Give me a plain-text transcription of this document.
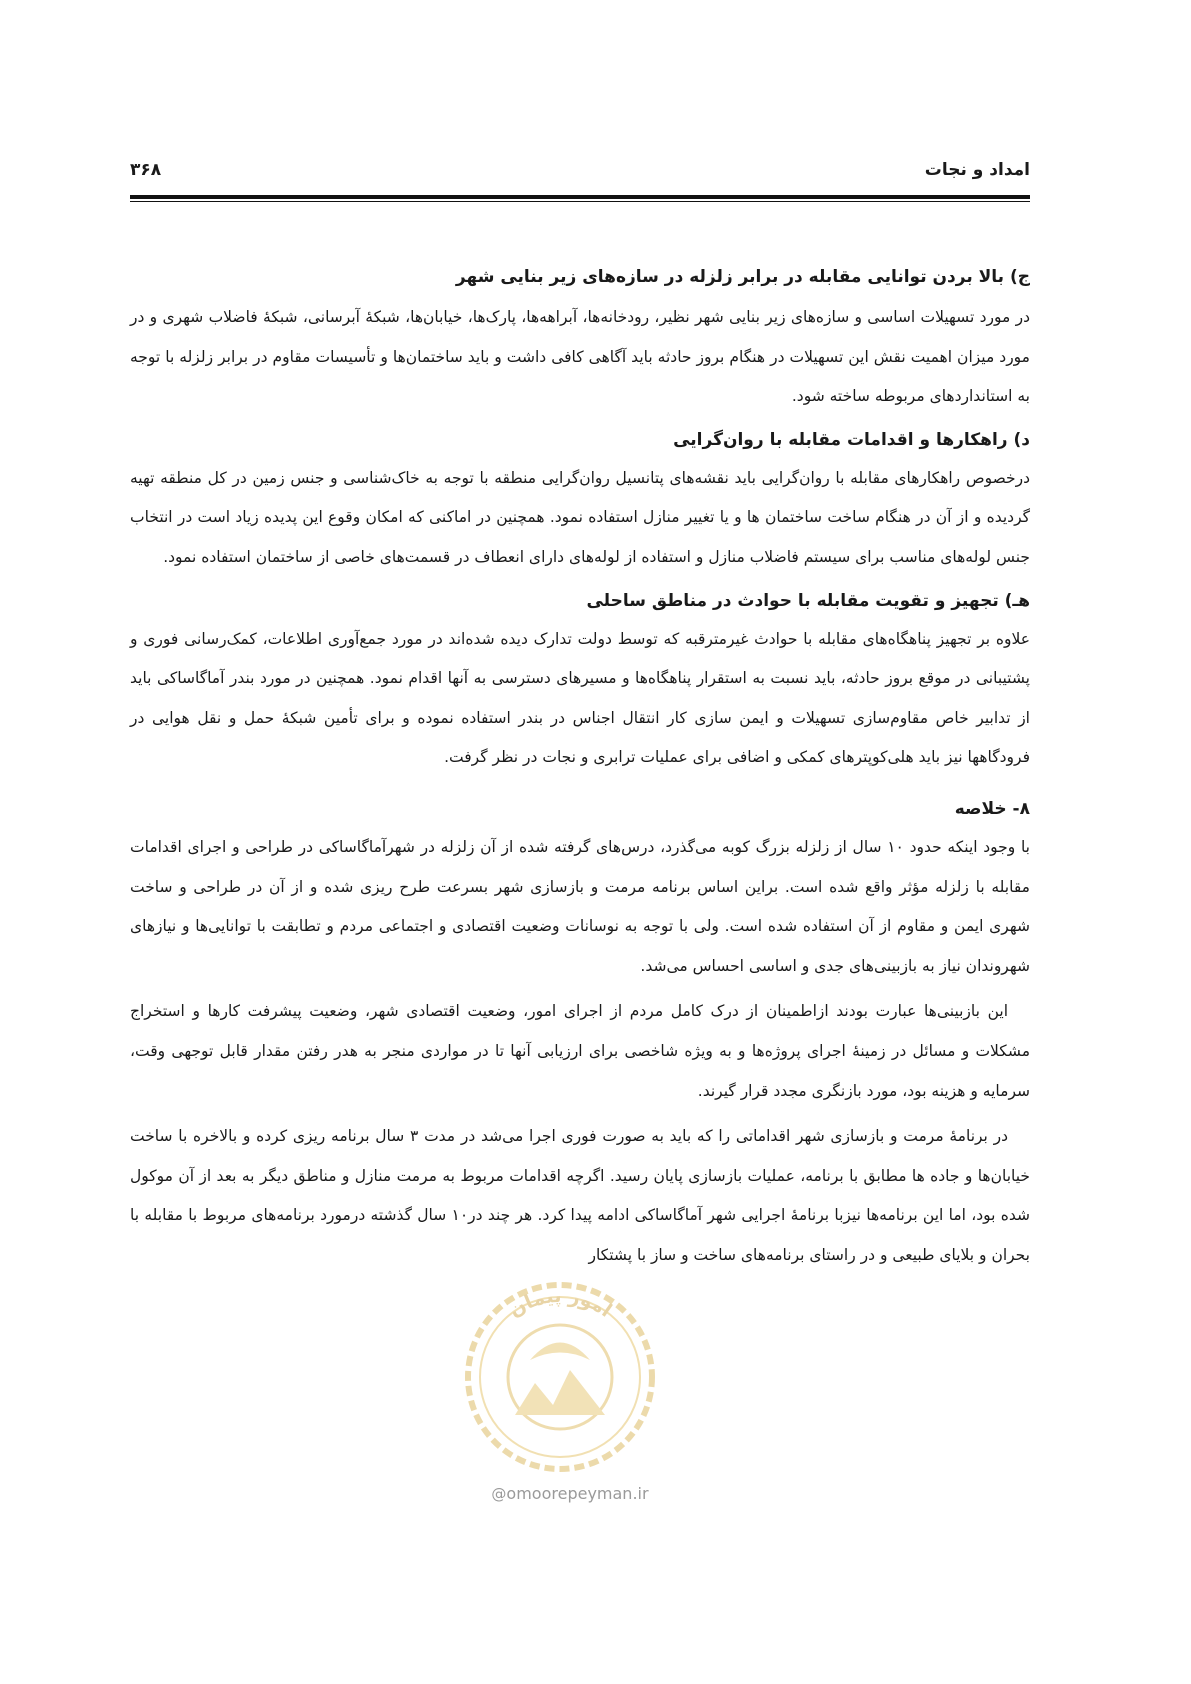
امداد و نجات
۳۶۸
ج) بالا بردن توانایی مقابله در برابر زلزله در سازه‌های زیر بنایی شهر

در مورد تسهیلات اساسی و سازه‌های زیر بنایی شهر نظیر، رودخانه‌ها، آبراهه‌ها، پارک‌ها، خیابان‌ها، شبکهٔ آبرسانی، شبکهٔ فاضلاب شهری و در مورد میزان اهمیت نقش این تسهیلات در هنگام بروز حادثه باید آگاهی کافی داشت و باید ساختمان‌ها و تأسیسات مقاوم در برابر زلزله با توجه به استانداردهای مربوطه ساخته شود.

د) راهکارها و اقدامات مقابله با روان‌گرایی

درخصوص راهکارهای مقابله با روان‌گرایی باید نقشه‌های پتانسیل روان‌گرایی منطقه با توجه به خاک‌شناسی و جنس زمین در کل منطقه تهیه گردیده و از آن در هنگام ساخت ساختمان ها و یا تغییر منازل استفاده نمود. همچنین در اماکنی که امکان وقوع این پدیده زیاد است در انتخاب جنس لوله‌های مناسب برای سیستم فاضلاب منازل و استفاده از لوله‌های دارای انعطاف در قسمت‌های خاصی از ساختمان استفاده نمود.

هـ) تجهیز و تقویت مقابله با حوادث در مناطق ساحلی

علاوه بر تجهیز پناهگاه‌های مقابله با حوادث غیرمترقبه که توسط دولت تدارک دیده شده‌اند در مورد جمع‌آوری اطلاعات، کمک‌رسانی فوری و پشتیبانی در موقع بروز حادثه، باید نسبت به استقرار پناهگاه‌ها و مسیرهای دسترسی به آنها اقدام نمود. همچنین در مورد بندر آماگاساکی باید از تدابیر خاص مقاوم‌سازی تسهیلات و ایمن سازی کار انتقال اجناس در بندر استفاده نموده و برای تأمین شبکهٔ حمل و نقل هوایی در فرودگاهها نیز باید هلی‌کوپترهای کمکی و اضافی برای عملیات ترابری و نجات در نظر گرفت.

۸- خلاصه

با وجود اینکه حدود ۱۰ سال از زلزله بزرگ کوبه می‌گذرد، درس‌های گرفته شده از آن زلزله در شهرآماگاساکی در طراحی و اجرای اقدامات مقابله با زلزله مؤثر واقع شده است. براین اساس برنامه مرمت و بازسازی شهر بسرعت طرح ریزی شده و از آن در طراحی و ساخت شهری ایمن و مقاوم از آن استفاده شده است. ولی با توجه به نوسانات وضعیت اقتصادی و اجتماعی مردم و تطابقت با توانایی‌ها و نیازهای شهروندان نیاز به بازبینی‌های جدی و اساسی احساس می‌شد.

این بازبینی‌ها عبارت بودند ازاطمینان از درک کامل مردم از اجرای امور، وضعیت اقتصادی شهر، وضعیت پیشرفت کارها و استخراج مشکلات و مسائل در زمینهٔ اجرای پروژه‌ها و به ویژه شاخصی برای ارزیابی آنها تا در مواردی منجر به هدر رفتن مقدار قابل توجهی وقت، سرمایه و هزینه بود، مورد بازنگری مجدد قرار گیرند.

در برنامهٔ مرمت و بازسازی شهر اقداماتی را که باید به صورت فوری اجرا می‌شد در مدت ۳ سال برنامه ریزی کرده و بالاخره با ساخت خیابان‌ها و جاده ها مطابق با برنامه، عملیات بازسازی پایان رسید. اگرچه اقدامات مربوط به مرمت منازل و مناطق دیگر به بعد از آن موکول شده بود، اما این برنامه‌ها نیزبا برنامهٔ اجرایی شهر آماگاساکی ادامه پیدا کرد. هر چند در۱۰ سال گذشته درمورد برنامه‌های مربوط با مقابله با بحران و بلایای طبیعی و در راستای برنامه‌های ساخت و ساز با پشتکار

امور پیمان
@omoorepeyman.ir
